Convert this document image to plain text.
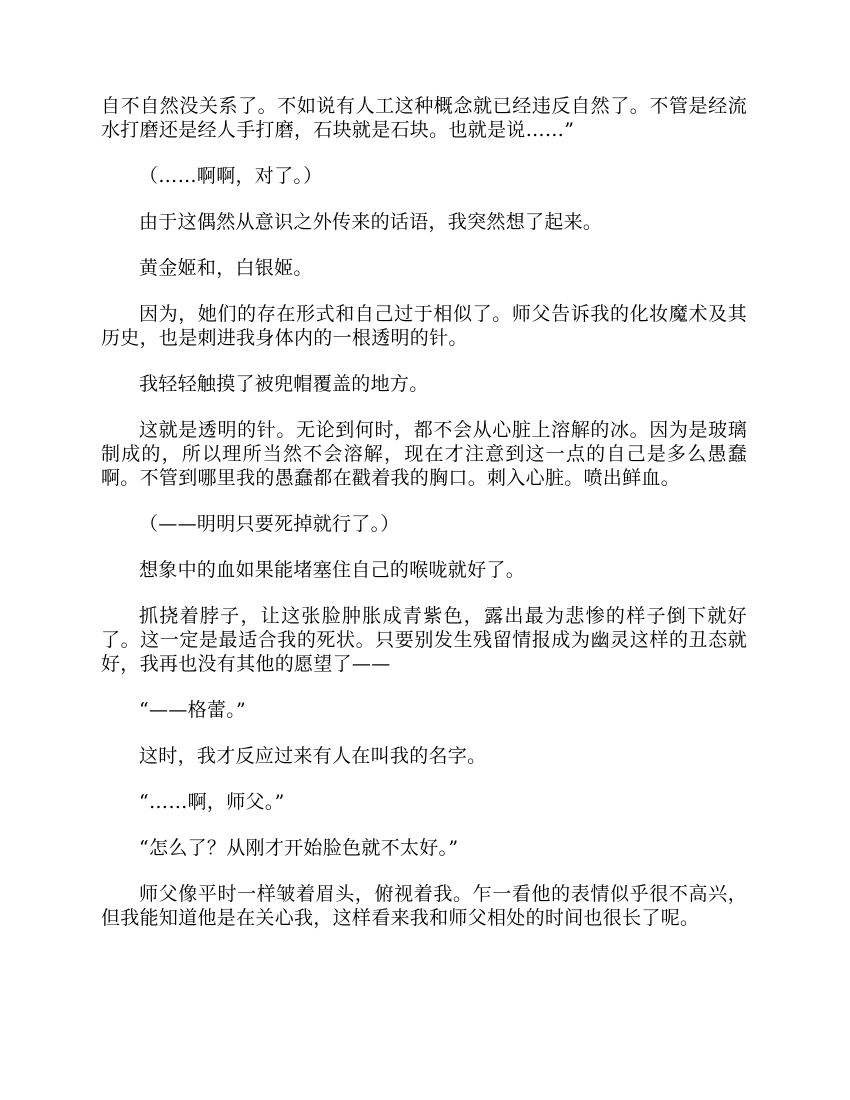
自不自然没关系了。不如说有人工这种概念就已经违反自然了。不管是经流水打磨还是经人手打磨，石块就是石块。也就是说……”

（……啊啊，对了。）

由于这偶然从意识之外传来的话语，我突然想了起来。

黄金姬和，白银姬。

因为，她们的存在形式和自己过于相似了。师父告诉我的化妆魔术及其历史，也是刺进我身体内的一根透明的针。

我轻轻触摸了被兜帽覆盖的地方。

这就是透明的针。无论到何时，都不会从心脏上溶解的冰。因为是玻璃制成的，所以理所当然不会溶解，现在才注意到这一点的自己是多么愚蠢啊。不管到哪里我的愚蠢都在戳着我的胸口。刺入心脏。喷出鲜血。

（——明明只要死掉就行了。）

想象中的血如果能堵塞住自己的喉咙就好了。

抓挠着脖子，让这张脸肿胀成青紫色，露出最为悲惨的样子倒下就好了。这一定是最适合我的死状。只要别发生残留情报成为幽灵这样的丑态就好，我再也没有其他的愿望了——

“——格蕾。”

这时，我才反应过来有人在叫我的名字。

“……啊，师父。”

“怎么了？从刚才开始脸色就不太好。”

师父像平时一样皱着眉头，俯视着我。乍一看他的表情似乎很不高兴，但我能知道他是在关心我，这样看来我和师父相处的时间也很长了呢。
